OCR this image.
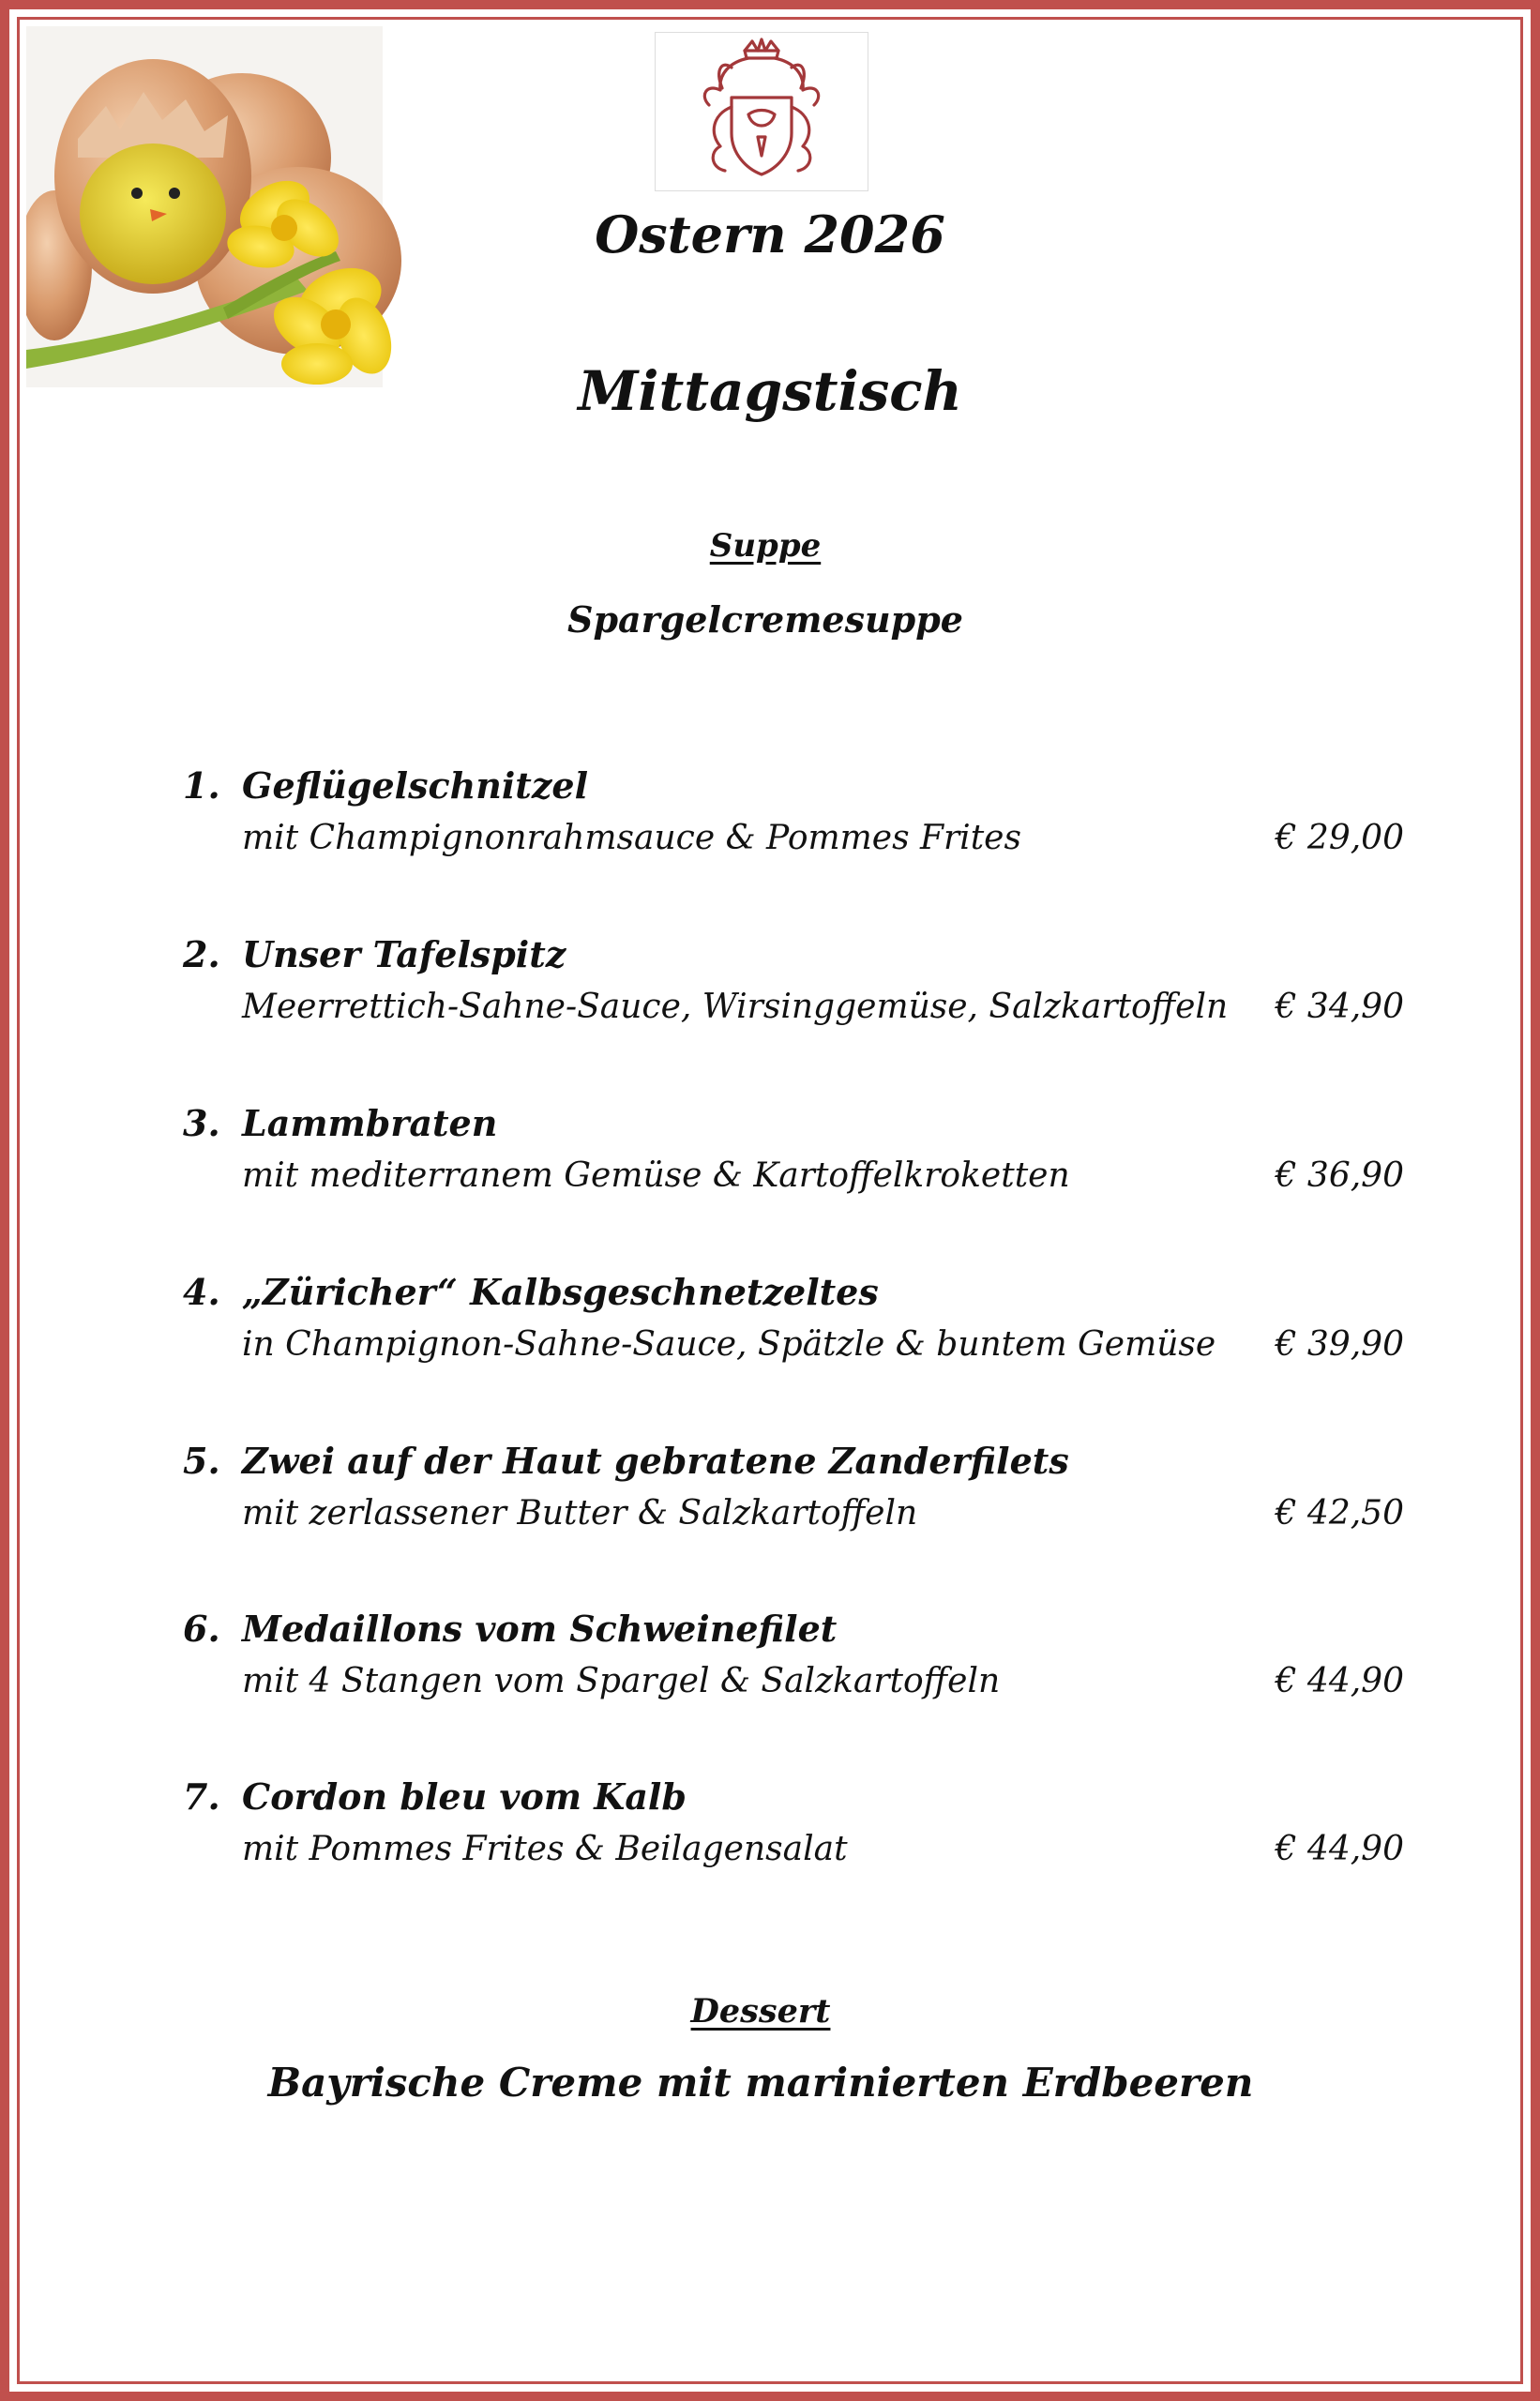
Ostern 2026
Mittagstisch
Suppe
Spargelcremesuppe
1. Geflügelschnitzel
mit Champignonrahmsauce & Pommes Frites	€ 29,00
2. Unser Tafelspitz
Meerrettich-Sahne-Sauce, Wirsinggemüse, Salzkartoffeln € 34,90
3. Lammbraten
mit mediterranem Gemüse & Kartoffelkroketten	€ 36,90
4. „Züricher“ Kalbsgeschnetzeltes
in Champignon-Sahne-Sauce, Spätzle & buntem Gemüse € 39,90
5. Zwei auf der Haut gebratene Zanderfilets
mit zerlassener Butter & Salzkartoffeln	€ 42,50
6. Medaillons vom Schweinefilet
mit 4 Stangen vom Spargel & Salzkartoffeln	€ 44,90
7. Cordon bleu vom Kalb
mit Pommes Frites & Beilagensalat	€ 44,90
Dessert
Bayrische Creme mit marinierten Erdbeeren
